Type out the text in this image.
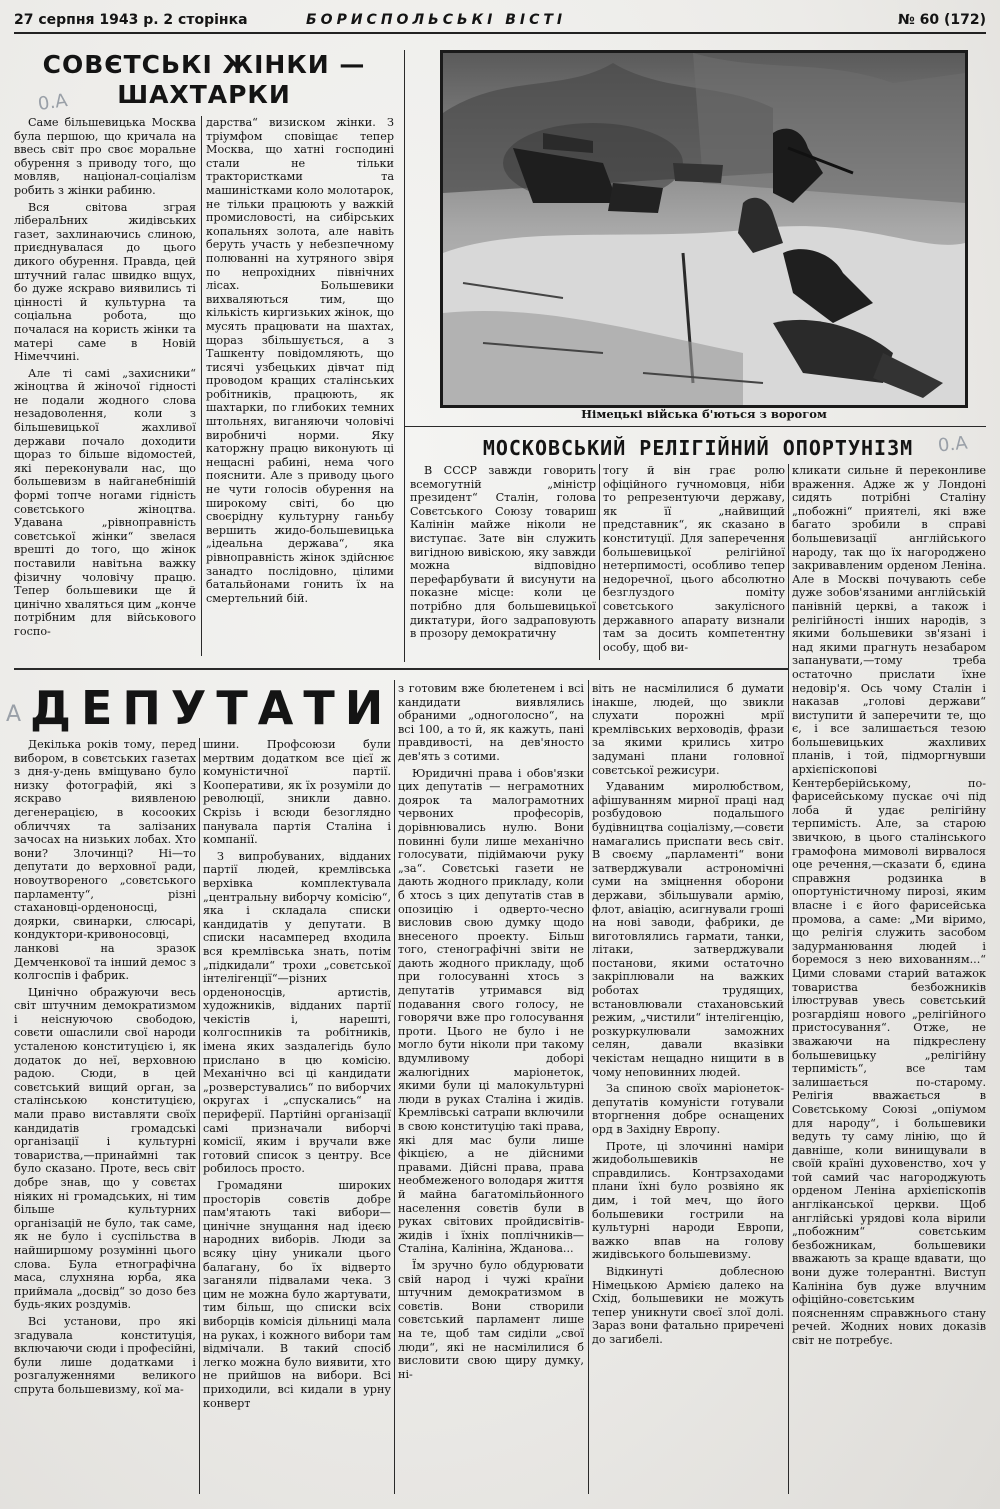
27 серпня 1943 р. 2 сторінка	БОРИСПОЛЬСЬКІ ВІСТІ	№ 60 (172)
СОВЄТСЬКІ ЖІНКИ —
ШАХТАРКИ
0.A

Саме більшевицька Москва була першою, що кричала на ввесь світ про своє моральне обурення з приводу того, що мовляв, націонал-соціалізм робить з жінки рабиню.

Вся світова зграя лібералЬних жидівських газет, захлинаючись слиною, приєднувалася до цього дикого обурення. Правда, цей штучний галас швидко вщух, бо дуже яскраво виявились ті цінності й культурна та соціальна робота, що почалася на користь жінки та матері саме в Новій Німеччині.

Але ті самі „захисники“ жіноцтва й жіночої гідності не подали жодного слова незадоволення, коли з більшевицької жахливої держави почало доходити щораз то більше відомостей, які переконували нас, що большевизм в найганебнішій формі топче ногами гідність совєтського жіноцтва. Удавана „рівноправність совєтської жінки“ звелася врешті до того, що жінок поставили навітьна важку фізичну чоловічу працю. Тепер большевики ще й цинічно хваляться цим „конче потрібним для військового госпо-

дарства“ визиском жінки. З тріумфом сповіщає тепер Москва, що хатні господині стали не тільки трактористками та машиністками коло молотарок, не тільки працюють у важкій промисловості, на сибірських копальнях золота, але навіть беруть участь у небезпечному полюванні на хутряного звіря по непрохідних північних лісах. Большевики вихваляються тим, що кількість киргизьких жінок, що мусять працювати на шахтах, щораз збільшується, а з Ташкенту повідомляють, що тисячі узбецьких дівчат під проводом кращих сталінських робітників, працюють, як шахтарки, по глибоких темних штольнях, виганяючи чоловічі виробничі норми. Яку каторжну працю виконують ці нещасні рабині, нема чого пояснити. Але з приводу цього не чути голосів обурення на широкому світі, бо цю своєрідну культурну ганьбу вершить жидо-большевицька „ідеальна держава“, яка рівноправність жінок здійснює занадто послідовно, цілими батальйонами гонить їх на смертельний бій.

Німецькі війська б'ються з ворогом
МОСКОВСЬКИЙ РЕЛІГІЙНИЙ ОПОРТУНІЗМ	0.A

В СССР завжди говорить всемогутній „міністр президент“ Сталін, голова Совєтського Союзу товариш Калінін майже ніколи не виступає. Зате він служить вигідною вивіскою, яку завжди можна відповідно перефарбувати й висунути на показне місце: коли це потрібно для большевицької диктатури, його задраповують в прозору демократичну

тогу й він грає ролю офіційного гучномовця, ніби то репрезентуючи державу, як її „найвищий представник“, як сказано в конституції. Для заперечення большевицької релігійної нетерпимості, особливо тепер недоречної, цього абсолютно безглуздого поміту совєтського закулісного державного апарату визнали там за досить компетентну особу, щоб ви-

кликати сильне й переконливе враження. Адже ж у Лондоні сидять потрібні Сталіну „побожні“ приятелі, які вже багато зробили в справі большевизації англійського народу, так що їх нагороджено закривавленим орденом Леніна. Але в Москві почувають себе дуже зобов'язаними англійській панівній церкві, а також і релігійності інших народів, з якими большевики зв'язані і над якими прагнуть незабаром запанувати,—тому треба остаточно прислати їхне недовір'я. Ось чому Сталін і наказав „голові держави“ виступити й заперечити те, що є, і все залишається тезою большевицьких жахливих планів, і той, підморгнувши архієпіскопові Кентерберійському, по-фарисейському пускає очі під лоба й удає релігійну терпимість. Але, за старою звичкою, в цього сталінського грамофона мимоволі вирвалося оце речення,—сказати б, єдина справжня родзинка в опортуністичному пирозі, яким власне і є його фарисейська промова, а саме: „Ми віримо, що релігія служить засобом задурманювання людей і боремося з нею вихованням...“ Цими словами старий ватажок товариства безбожників ілюстрував увесь совєтський розгардіяш нового „релігійного пристосування“. Отже, не зважаючи на підкреслену большевицьку „релігійну терпимість“, все там залишається по-старому. Релігія вважається в Совєтському Союзі „опіумом для народу“, і большевики ведуть ту саму лінію, що й давніше, коли винищували в своїй країні духовенство, хоч у той самий час нагороджують орденом Леніна архієпіскопів англіканської церкви. Щоб англійські урядові кола вірили „побожним“ совєтським безбожникам, большевики вважають за краще вдавати, що вони дуже толерантні. Виступ Калініна був дуже влучним офіційно-совєтським поясненням справжнього стану речей. Жодних нових доказів світ не потребує.

ДЕПУТАТИ
A

Декілька років тому, перед вибором, в совєтських газетах з дня-у-день вміщувано було низку фотографій, які з яскраво виявленою дегенерацією, в косооких обличчях та залізаних зачосах на низьких лобах. Хто вони? Злочинці? Ні—то депутати до верховної ради, новоутвореного „совєтського парламенту“, різні стахановці-орденоносці, доярки, свинарки, слюсарі, кондуктори-кривоносовці, ланкові на зразок Демченкової та інший демос з колгоспів і фабрик.

Цинічно ображуючи весь світ штучним демократизмом і неіснуючою свободою, совєти ошаслили свої народи усталеною конституцією і, як додаток до неї, верховною радою. Сюди, в цей совєтський вищий орган, за сталінською конституцією, мали право виставляти своїх кандидатів громадські організації і культурні товариства,—принаймні так було сказано. Проте, весь світ добре знав, що у совєтах ніяких ні громадських, ні тим більше культурних організацій не було, так саме, як не було і суспільства в найширшому розумінні цього слова. Була етнографічна маса, слухняна юрба, яка приймала „досвід“ зо дозо без будь-яких роздумів.

Всі установи, про які згадувала конституція, включаючи сюди і професійні, були лише додатками і розгалуженнями великого спрута большевизму, кої ма-

шини. Профсоюзи були мертвим додатком все цієї ж комуністичної партії. Кооперативи, як їх розуміли до революції, зникли давно. Скрізь і всюди безоглядно панувала партія Сталіна і компанії.

З випробуваних, відданих партії людей, кремлівська верхівка комплектувала „центральну виборчу комісію“, яка і складала списки кандидатів у депутати. В списки насамперед входила вся кремлівська знать, потім „підкидали“ трохи „совєтської інтелігенції“—різних орденоносців, артистів, художників, відданих партії чекістів і, нарешті, колгоспників та робітників, імена яких заздалегідь було прислано в цю комісію. Механічно всі ці кандидати „розверстувались“ по виборчих округах і „спускались“ на периферії. Партійні організації самі призначали виборчі комісії, яким і вручали вже готовий список з центру. Все робилось просто.

Громадяни широких просторів совєтів добре пам'ятають такі вибори—цинічне знущання над ідеєю народних виборів. Люди за всяку ціну уникали цього балагану, бо їх відверто заганяли підвалами чека. З цим не можна було жартувати, тим більш, що списки всіх виборців комісія дільниці мала на руках, і кожного вибори там відмічали. В такий спосіб легко можна було виявити, хто не прийшов на вибори. Всі приходили, всі кидали в урну конверт

з готовим вже бюлетенем і всі кандидати виявлялись обраними „одноголосно“, на всі 100, а то й, як кажуть, пані правдивості, на дев'яносто дев'ять з сотими.

Юридичні права і обов'язки цих депутатів — неграмотних доярок та малограмотних червоних професорів, дорівнювались нулю. Вони повинні були лише механічно голосувати, підіймаючи руку „за“. Совєтські газети не дають жодного прикладу, коли б хтось з цих депутатів став в опозицію і одверто-чесно висловив свою думку щодо внесеного проекту. Більш того, стенографічні звіти не дають жодного прикладу, щоб при голосуванні хтось з депутатів утримався від подавання свого голосу, не говорячи вже про голосування проти. Цього не було і не могло бути ніколи при такому вдумливому доборі жалюгідних маріонеток, якими були ці малокультурні люди в руках Сталіна і жидів. Кремлівські сатрапи включили в свою конституцію такі права, які для мас були лише фікцією, а не дійсними правами. Дійсні права, права необмеженого володаря життя й майна багатомільйонного населення совєтів були в руках світових пройдисвітів-жидів і їхніх поплічників—Сталіна, Калініна, Жданова...

Їм зручно було обдурювати свій народ і чужі країни штучним демократизмом в совєтів. Вони створили совєтський парламент лише на те, щоб там сиділи „свої люди“, які не насмілилися б висловити свою щиру думку, ні-

віть не насмілилися б думати інакше, людей, що звикли слухати порожні мрії кремлівських верховодів, фрази за якими крились хитро задумані плани головної совєтської режисури.

Удаваним миролюбством, афішуванням мирної праці над розбудовою подальшого будівництва соціалізму,—совєти намагались приспати весь світ. В своєму „парламенті“ вони затверджували астрономічні суми на зміцнення оборони держави, збільшували армію, флот, авіацію, асигнували гроші на нові заводи, фабрики, де виготовлялись гармати, танки, літаки, затверджували постанови, якими остаточно закріплювали на важких роботах трудящих, встановлювали стахановський режим, „чистили“ інтелігенцію, розкуркулювали заможних селян, давали вказівки чекістам нещадно нищити в в чому неповинних людей.

За спиною своїх маріонеток-депутатів комуністи готували вторгнення добре оснащених орд в Західну Европу.

Проте, ці злочинні наміри жидобольшевиків не справдились. Контрзаходами плани їхні було розвіяно як дим, і той меч, що його большевики гострили на культурні народи Европи, важко впав на голову жидівського большевизму.

Відкинуті доблесною Німецькою Армією далеко на Схід, большевики не можуть тепер уникнути своєї злої долі. Зараз вони фатально приречені до загибелі.
